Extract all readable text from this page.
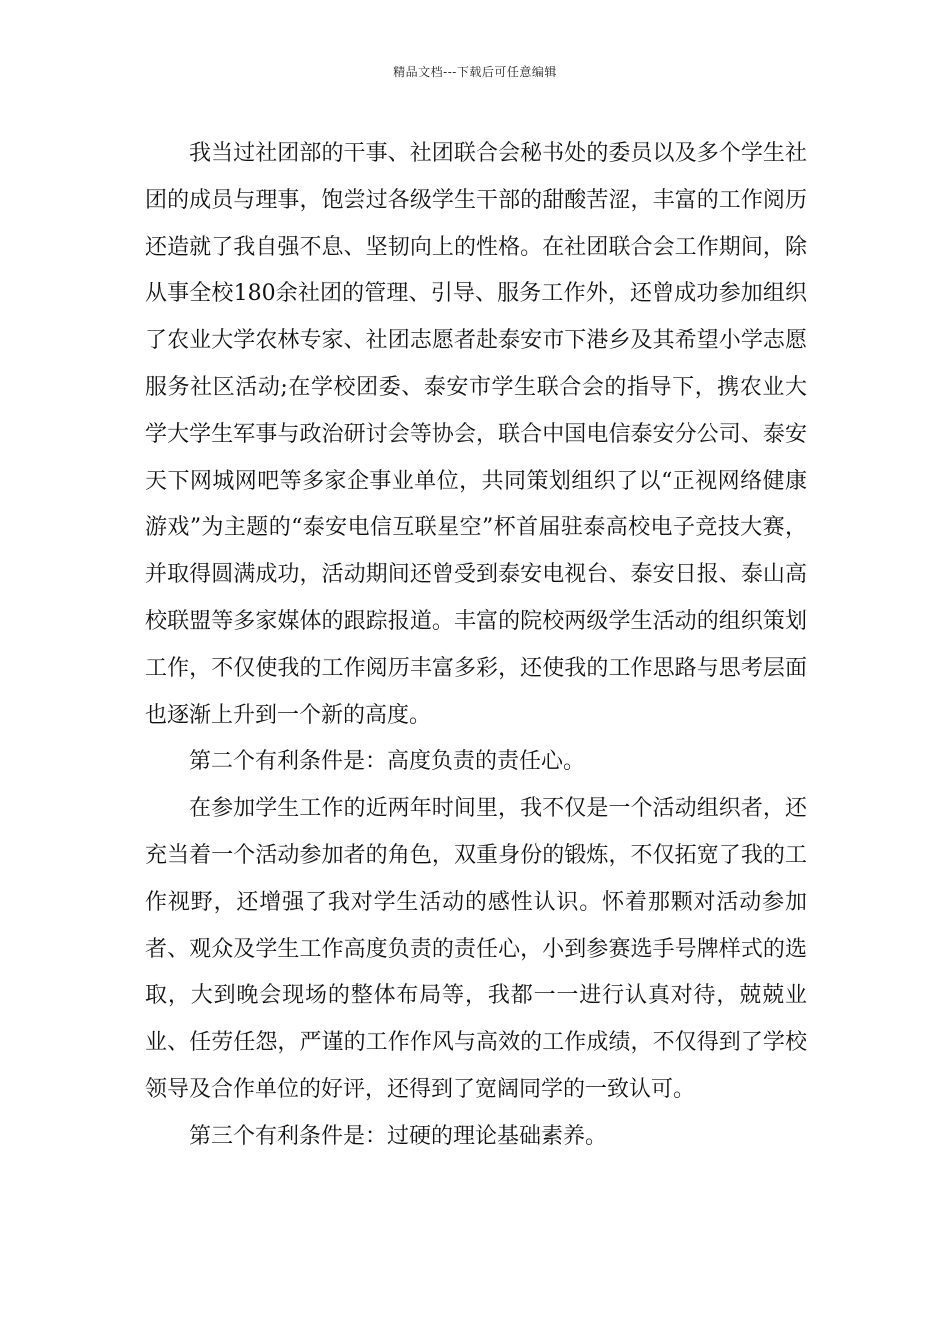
精品文档---下载后可任意编辑

我当过社团部的干事、社团联合会秘书处的委员以及多个学生社团的成员与理事，饱尝过各级学生干部的甜酸苦涩，丰富的工作阅历还造就了我自强不息、坚韧向上的性格。在社团联合会工作期间，除从事全校180余社团的管理、引导、服务工作外，还曾成功参加组织了农业大学农林专家、社团志愿者赴泰安市下港乡及其希望小学志愿服务社区活动;在学校团委、泰安市学生联合会的指导下，携农业大学大学生军事与政治研讨会等协会，联合中国电信泰安分公司、泰安天下网城网吧等多家企事业单位，共同策划组织了以“正视网络健康游戏”为主题的“泰安电信互联星空”杯首届驻泰高校电子竞技大赛，并取得圆满成功，活动期间还曾受到泰安电视台、泰安日报、泰山高校联盟等多家媒体的跟踪报道。丰富的院校两级学生活动的组织策划工作，不仅使我的工作阅历丰富多彩，还使我的工作思路与思考层面也逐渐上升到一个新的高度。

第二个有利条件是：高度负责的责任心。

在参加学生工作的近两年时间里，我不仅是一个活动组织者，还充当着一个活动参加者的角色，双重身份的锻炼，不仅拓宽了我的工作视野，还增强了我对学生活动的感性认识。怀着那颗对活动参加者、观众及学生工作高度负责的责任心，小到参赛选手号牌样式的选取，大到晚会现场的整体布局等，我都一一进行认真对待，兢兢业业、任劳任怨，严谨的工作作风与高效的工作成绩，不仅得到了学校领导及合作单位的好评，还得到了宽阔同学的一致认可。

第三个有利条件是：过硬的理论基础素养。
